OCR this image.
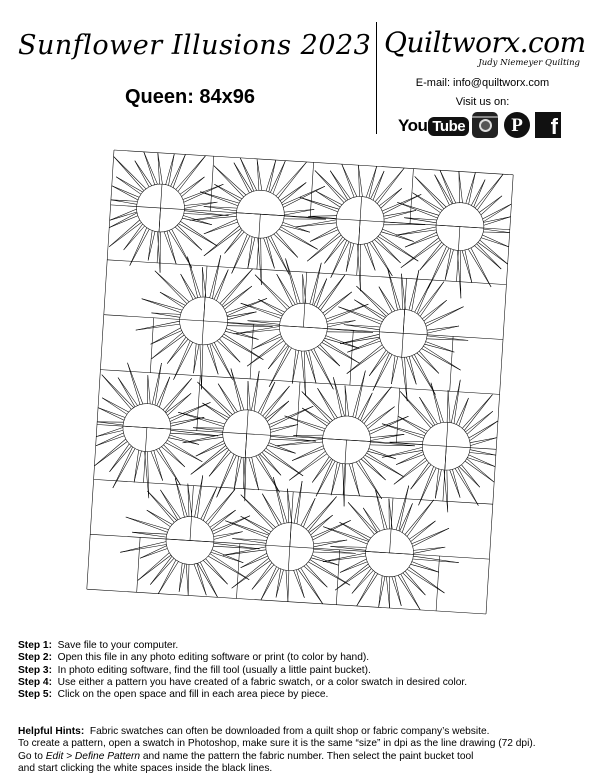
Sunflower Illusions 2023
Queen: 84x96
Quiltworx.com
Judy Niemeyer Quilting
E-mail: info@quiltworx.com
Visit us on:
You Tube	P	f
Step 1: Save file to your computer.
Step 2: Open this file in any photo editing software or print (to color by hand).
Step 3: In photo editing software, find the fill tool (usually a little paint bucket).
Step 4: Use either a pattern you have created of a fabric swatch, or a color swatch in desired color.
Step 5: Click on the open space and fill in each area piece by piece.
Helpful Hints: Fabric swatches can often be downloaded from a quilt shop or fabric company’s website.
To create a pattern, open a swatch in Photoshop, make sure it is the same “size” in dpi as the line drawing (72 dpi).
Go to Edit > Define Pattern and name the pattern the fabric number. Then select the paint bucket tool
and start clicking the white spaces inside the black lines.
